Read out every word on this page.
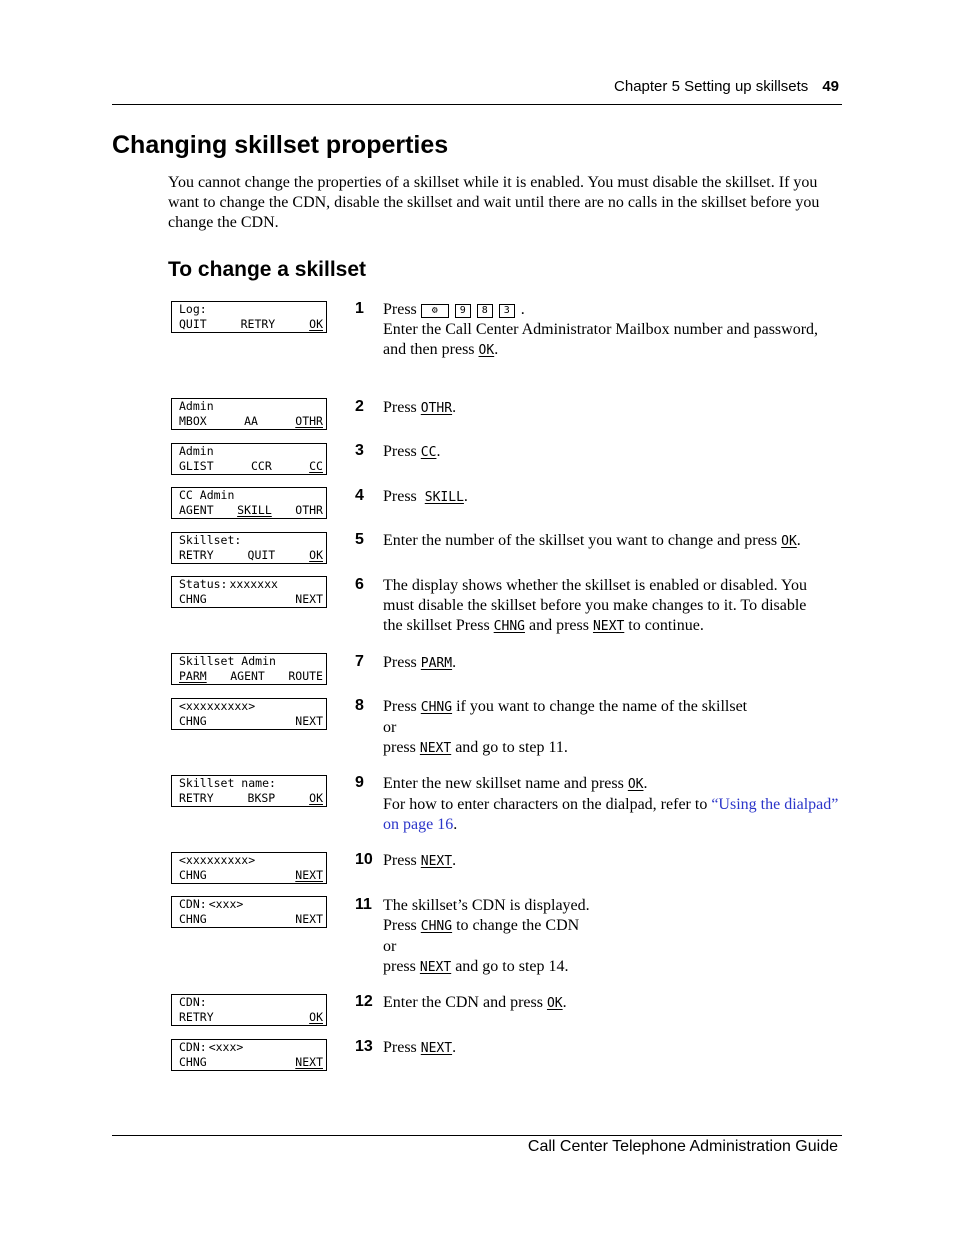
Chapter 5 Setting up skillsets 49
Changing skillset properties

You cannot change the properties of a skillset while it is enabled. You must disable the skillset. If you want to change the CDN, disable the skillset and wait until there are no calls in the skillset before you change the CDN.

To change a skillset
Log:
QUIT	RETRY	OK
Admin
MBOX	AA	OTHR
Admin
GLIST	CCR	CC
CC Admin
AGENT SKILL OTHR
Skillset:
RETRY	QUIT	OK
Status: xxxxxxx
CHNG	NEXT
Skillset Admin
PARM AGENT ROUTE
<xxxxxxxxx>
CHNG	NEXT
Skillset name:
RETRY	BKSP	OK
<xxxxxxxxx>
CHNG	NEXT
CDN: <xxx>
CHNG	NEXT
CDN:
RETRY	OK
CDN: <xxx>
CHNG	NEXT
1 Press ⚙ 9 8 3 .

Enter the Call Center Administrator Mailbox number and password,

and then press OK.

2 Press OTHR.

3 Press CC.

4 Press SKILL.

5 Enter the number of the skillset you want to change and press OK.

6 The display shows whether the skillset is enabled or disabled. You must disable the skillset before you make changes to it. To disable the skillset Press CHNG and press NEXT to continue.

7 Press PARM.

8 Press CHNG if you want to change the name of the skillset

or

press NEXT and go to step 11.

9 Enter the new skillset name and press OK.

For how to enter characters on the dialpad, refer to “Using the dialpad” on page 16.

10 Press NEXT.

11 The skillset’s CDN is displayed.

Press CHNG to change the CDN

or

press NEXT and go to step 14.

12 Enter the CDN and press OK.

13 Press NEXT.

Call Center Telephone Administration Guide
